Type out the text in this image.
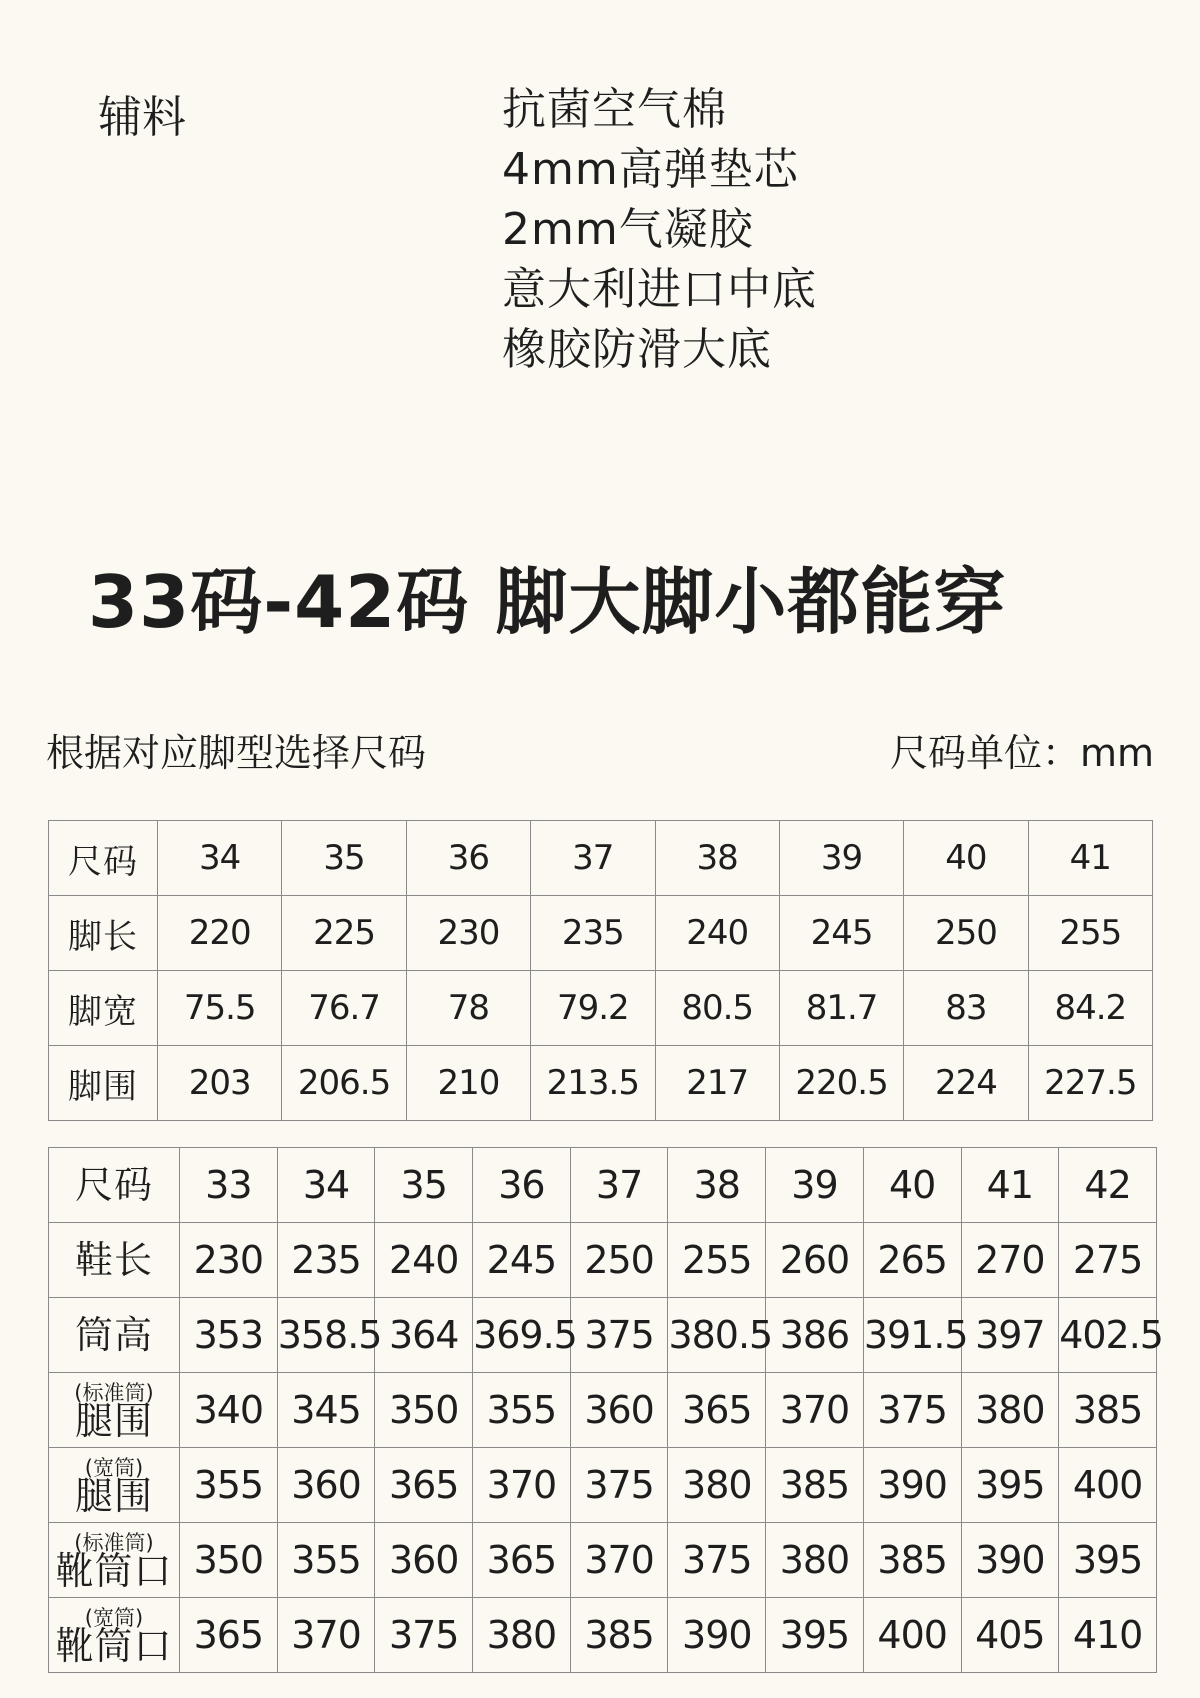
辅料	抗菌空气棉
4mm高弹垫芯
2mm气凝胶
意大利进口中底
橡胶防滑大底
33码-42码 脚大脚小都能穿
根据对应脚型选择尺码	尺码单位：mm
尺码	34	35	36	37	38	39	40	41
脚长	220	225	230	235	240	245	250	255
脚宽	75.5	76.7	78	79.2	80.5	81.7	83	84.2
脚围	203	206.5	210	213.5	217	220.5	224	227.5
尺码	33	34	35	36	37	38	39	40	41	42
鞋长	230	235	240	245	250	255	260	265	270	275
筒高	353	358.5	364	369.5	375	380.5	386	391.5	397	402.5

(标准筒)
腿围	340	345	350	355	360	365	370	375	380	385

(宽筒)
腿围	355	360	365	370	375	380	385	390	395	400

(标准筒)
靴筒口	350	355	360	365	370	375	380	385	390	395

(宽筒)
靴筒口	365	370	375	380	385	390	395	400	405	410
